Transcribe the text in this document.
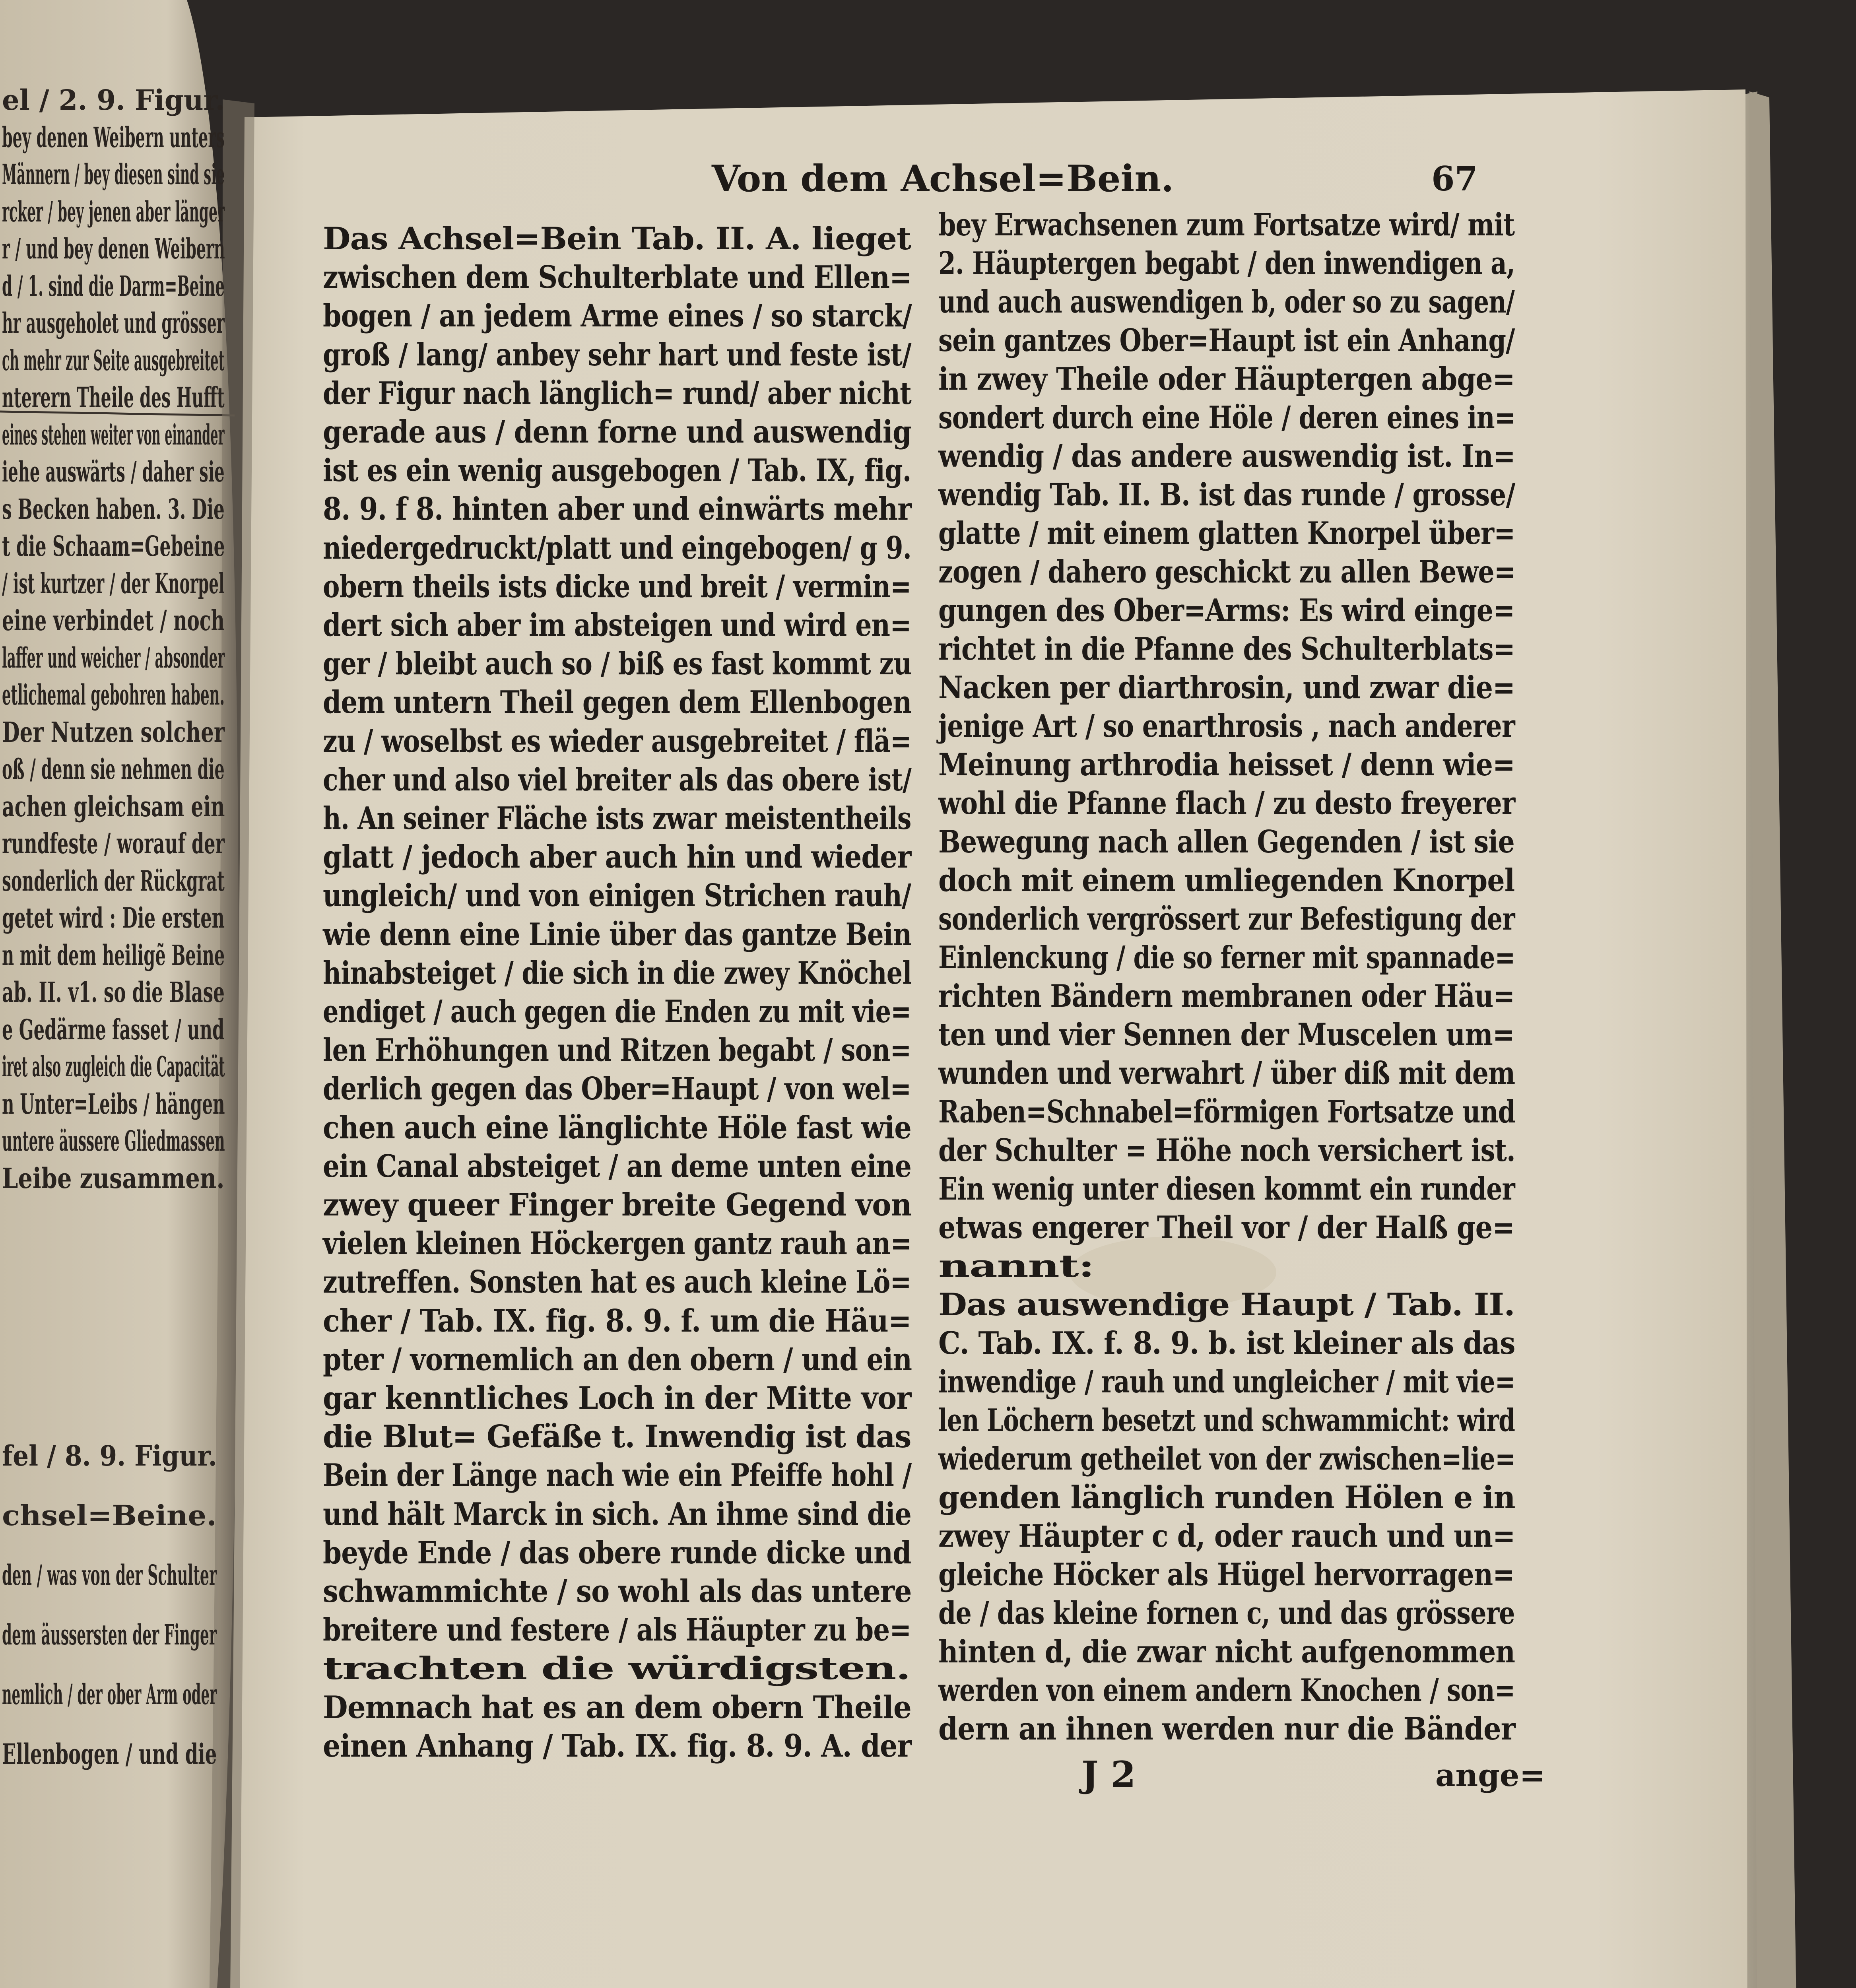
Von dem Achsel=Bein.	67

Das Achsel=Bein Tab. II. A. lieget

zwischen dem Schulterblate und Ellen=

bogen / an jedem Arme eines / so starck/

groß / lang/ anbey sehr hart und feste ist/

der Figur nach länglich= rund/ aber nicht

gerade aus / denn forne und auswendig

ist es ein wenig ausgebogen / Tab. IX, fig.

8. 9. f 8. hinten aber und einwärts mehr

niedergedruckt/platt und eingebogen/ g 9.

obern theils ists dicke und breit / vermin=

dert sich aber im absteigen und wird en=

ger / bleibt auch so / biß es fast kommt zu

dem untern Theil gegen dem Ellenbogen

zu / woselbst es wieder ausgebreitet / flä=

cher und also viel breiter als das obere ist/

h. An seiner Fläche ists zwar meistentheils

glatt / jedoch aber auch hin und wieder

ungleich/ und von einigen Strichen rauh/

wie denn eine Linie über das gantze Bein

hinabsteiget / die sich in die zwey Knöchel

endiget / auch gegen die Enden zu mit vie=

len Erhöhungen und Ritzen begabt / son=

derlich gegen das Ober=Haupt / von wel=

chen auch eine länglichte Höle fast wie

ein Canal absteiget / an deme unten eine

zwey queer Finger breite Gegend von

vielen kleinen Höckergen gantz rauh an=

zutreffen. Sonsten hat es auch kleine Lö=

cher / Tab. IX. fig. 8. 9. f. um die Häu=

pter / vornemlich an den obern / und ein

gar kenntliches Loch in der Mitte vor

die Blut= Gefäße t. Inwendig ist das

Bein der Länge nach wie ein Pfeiffe hohl /

und hält Marck in sich. An ihme sind die

beyde Ende / das obere runde dicke und

schwammichte / so wohl als das untere

breitere und festere / als Häupter zu be=

trachten die würdigsten.

Demnach hat es an dem obern Theile

einen Anhang / Tab. IX. fig. 8. 9. A. der

bey Erwachsenen zum Fortsatze wird/ mit

2. Häuptergen begabt / den inwendigen a,

und auch auswendigen b, oder so zu sagen/

sein gantzes Ober=Haupt ist ein Anhang/

in zwey Theile oder Häuptergen abge=

sondert durch eine Höle / deren eines in=

wendig / das andere auswendig ist. In=

wendig Tab. II. B. ist das runde / grosse/

glatte / mit einem glatten Knorpel über=

zogen / dahero geschickt zu allen Bewe=

gungen des Ober=Arms: Es wird einge=

richtet in die Pfanne des Schulterblats=

Nacken per diarthrosin, und zwar die=

jenige Art / so enarthrosis , nach anderer

Meinung arthrodia heisset / denn wie=

wohl die Pfanne flach / zu desto freyerer

Bewegung nach allen Gegenden / ist sie

doch mit einem umliegenden Knorpel

sonderlich vergrössert zur Befestigung der

Einlenckung / die so ferner mit spannade=

richten Bändern membranen oder Häu=

ten und vier Sennen der Muscelen um=

wunden und verwahrt / über diß mit dem

Raben=Schnabel=förmigen Fortsatze und

der Schulter = Höhe noch versichert ist.

Ein wenig unter diesen kommt ein runder

etwas engerer Theil vor / der Halß ge=

nannt:

Das auswendige Haupt / Tab. II.

C. Tab. IX. f. 8. 9. b. ist kleiner als das

inwendige / rauh und ungleicher / mit vie=

len Löchern besetzt und schwammicht: wird

wiederum getheilet von der zwischen=lie=

genden länglich runden Hölen e in

zwey Häupter c d, oder rauch und un=

gleiche Höcker als Hügel hervorragen=

de / das kleine fornen c, und das grössere

hinten d, die zwar nicht aufgenommen

werden von einem andern Knochen / son=

dern an ihnen werden nur die Bänder

el / 2. 9. Figur.

bey denen Weibern unters

Männern / bey diesen sind sie

rcker / bey jenen aber länger

r / und bey denen Weibern

d / 1. sind die Darm=Beine

hr ausgeholet und grösser

ch mehr zur Seite ausgebreitet

nterern Theile des Hufft

eines stehen weiter von einander

iehe auswärts / daher sie

s Becken haben. 3. Die

t die Schaam=Gebeine

/ ist kurtzer / der Knorpel

eine verbindet / noch

laffer und weicher / absonder

etlichemal gebohren haben.

Der Nutzen solcher

oß / denn sie nehmen die

achen gleichsam ein

rundfeste / worauf der

sonderlich der Rückgrat

getet wird : Die ersten

n mit dem heiligẽ Beine

ab. II. v1. so die Blase

e Gedärme fasset / und

iret also zugleich die Capacität

n Unter=Leibs / hängen

untere äussere Gliedmassen

Leibe zusammen.

fel / 8. 9. Figur.

chsel=Beine.

den / was von der Schulter

dem äussersten der Finger

nemlich / der ober Arm oder

Ellenbogen / und die	J 2	ange=
